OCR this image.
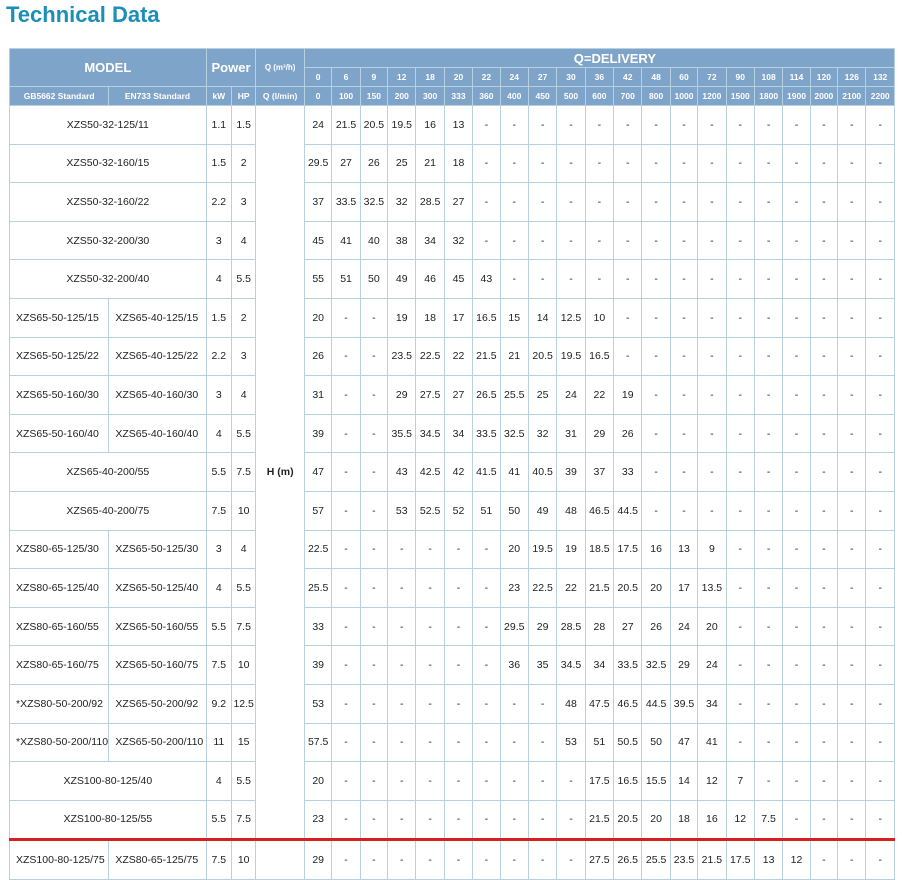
Technical Data
MODEL		Power		Q (m³/h)	Q=DELIVERY																				
					0	6	9	12	18	20	22	24	27	30	36	42	48	60	72	90	108	114	120	126	132
GB5662 Standard	EN733 Standard	kW	HP	Q (l/min)	0	100	150	200	300	333	360	400	450	500	600	700	800	1000	1200	1500	1800	1900	2000	2100	2200
XZS50-32-125/11		1.1	1.5	H (m)	24	21.5	20.5	19.5	16	13	-	-	-	-	-	-	-	-	-	-	-	-	-	-	-
XZS50-32-160/15		1.5	2		29.5	27	26	25	21	18	-	-	-	-	-	-	-	-	-	-	-	-	-	-	-
XZS50-32-160/22		2.2	3		37	33.5	32.5	32	28.5	27	-	-	-	-	-	-	-	-	-	-	-	-	-	-	-
XZS50-32-200/30		3	4		45	41	40	38	34	32	-	-	-	-	-	-	-	-	-	-	-	-	-	-	-
XZS50-32-200/40		4	5.5		55	51	50	49	46	45	43	-	-	-	-	-	-	-	-	-	-	-	-	-	-
XZS65-50-125/15	XZS65-40-125/15	1.5	2		20	-	-	19	18	17	16.5	15	14	12.5	10	-	-	-	-	-	-	-	-	-	-
XZS65-50-125/22	XZS65-40-125/22	2.2	3		26	-	-	23.5	22.5	22	21.5	21	20.5	19.5	16.5	-	-	-	-	-	-	-	-	-	-
XZS65-50-160/30	XZS65-40-160/30	3	4		31	-	-	29	27.5	27	26.5	25.5	25	24	22	19	-	-	-	-	-	-	-	-	-
XZS65-50-160/40	XZS65-40-160/40	4	5.5		39	-	-	35.5	34.5	34	33.5	32.5	32	31	29	26	-	-	-	-	-	-	-	-	-
XZS65-40-200/55		5.5	7.5		47	-	-	43	42.5	42	41.5	41	40.5	39	37	33	-	-	-	-	-	-	-	-	-
XZS65-40-200/75		7.5	10		57	-	-	53	52.5	52	51	50	49	48	46.5	44.5	-	-	-	-	-	-	-	-	-
XZS80-65-125/30	XZS65-50-125/30	3	4		22.5	-	-	-	-	-	-	20	19.5	19	18.5	17.5	16	13	9	-	-	-	-	-	-
XZS80-65-125/40	XZS65-50-125/40	4	5.5		25.5	-	-	-	-	-	-	23	22.5	22	21.5	20.5	20	17	13.5	-	-	-	-	-	-
XZS80-65-160/55	XZS65-50-160/55	5.5	7.5		33	-	-	-	-	-	-	29.5	29	28.5	28	27	26	24	20	-	-	-	-	-	-
XZS80-65-160/75	XZS65-50-160/75	7.5	10		39	-	-	-	-	-	-	36	35	34.5	34	33.5	32.5	29	24	-	-	-	-	-	-
*XZS80-50-200/92	XZS65-50-200/92	9.2	12.5		53	-	-	-	-	-	-	-	-	48	47.5	46.5	44.5	39.5	34	-	-	-	-	-	-
*XZS80-50-200/110	XZS65-50-200/110	11	15		57.5	-	-	-	-	-	-	-	-	53	51	50.5	50	47	41	-	-	-	-	-	-
XZS100-80-125/40		4	5.5		20	-	-	-	-	-	-	-	-	-	17.5	16.5	15.5	14	12	7	-	-	-	-	-
XZS100-80-125/55		5.5	7.5		23	-	-	-	-	-	-	-	-	-	21.5	20.5	20	18	16	12	7.5	-	-	-	-
XZS100-80-125/75	XZS80-65-125/75	7.5	10		29	-	-	-	-	-	-	-	-	-	27.5	26.5	25.5	23.5	21.5	17.5	13	12	-	-	-
